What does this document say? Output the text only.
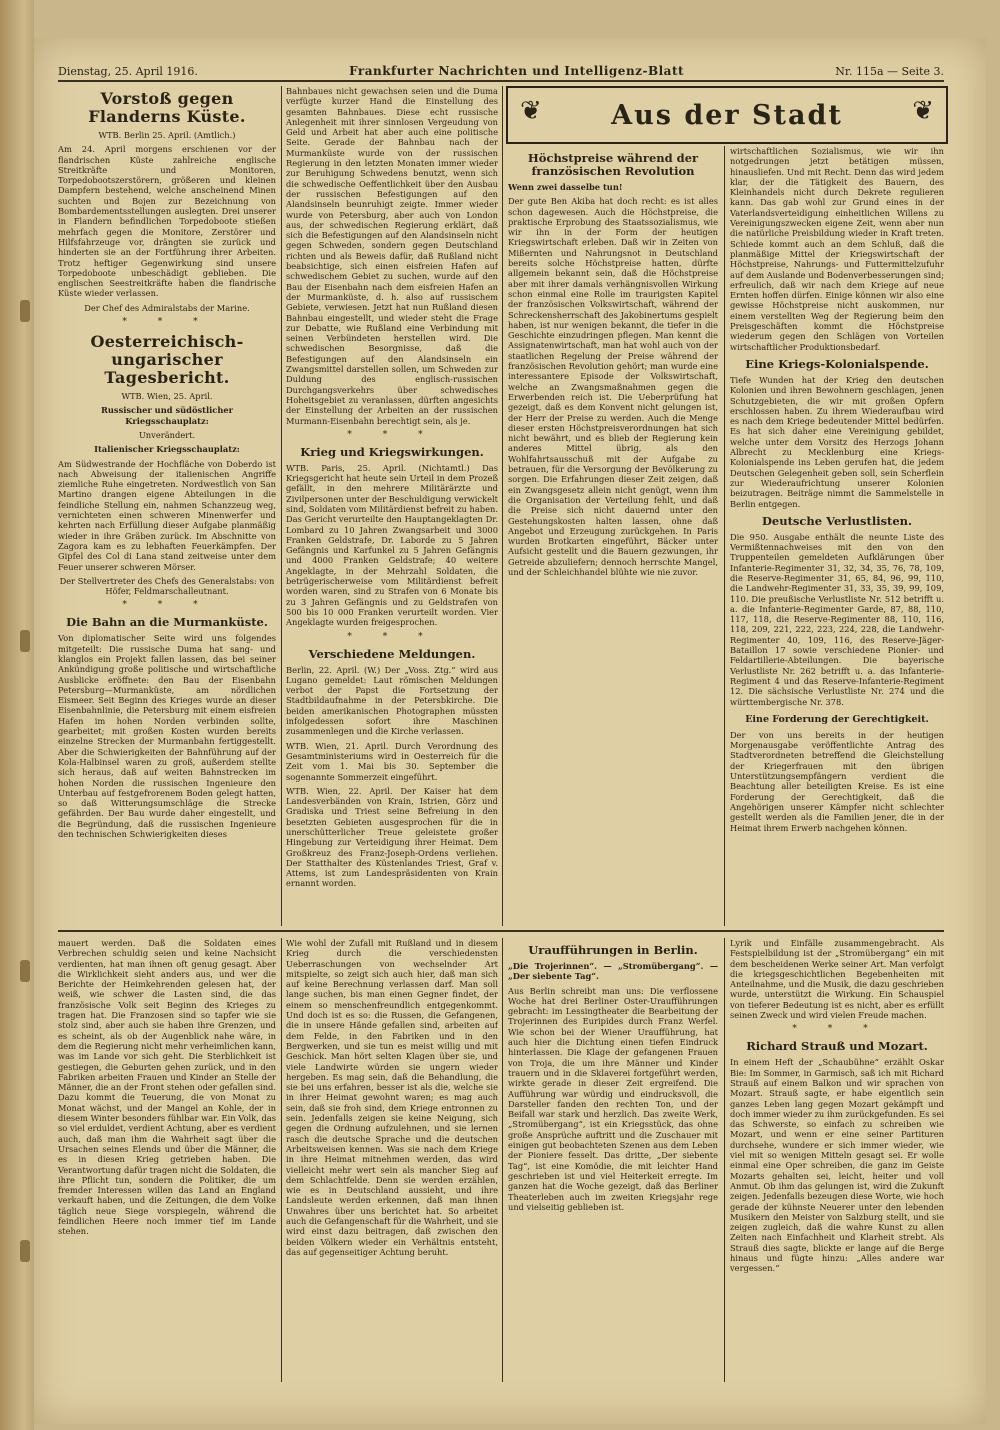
Dienstag, 25. April 1916.	Frankfurter Nachrichten und Intelligenz-Blatt	Nr. 115a — Seite 3.
Vorstoß gegen Flanderns Küste.

WTB. Berlin 25. April. (Amtlich.)

Am 24. April morgens erschienen vor der flandrischen Küste zahlreiche englische Streitkräfte und Monitoren, Torpedobootszerstörern, größeren und kleinen Dampfern bestehend, welche anscheinend Minen suchten und Bojen zur Bezeichnung von Bombardementsstellungen auslegten. Drei unserer in Flandern befindlichen Torpedoboote stießen mehrfach gegen die Monitore, Zerstörer und Hilfsfahrzeuge vor, drängten sie zurück und hinderten sie an der Fortführung ihrer Arbeiten. Trotz heftiger Gegenwirkung sind unsere Torpedoboote unbeschädigt geblieben. Die englischen Seestreitkräfte haben die flandrische Küste wieder verlassen.

Der Chef des Admiralstabs der Marine.

* * *
Oesterreichisch-ungarischer Tagesbericht.

WTB. Wien, 25. April.

Russischer und südöstlicher Kriegsschauplatz:

Unverändert.

Italienischer Kriegsschauplatz:

Am Südwestrande der Hochfläche von Doberdo ist nach Abweisung der italienischen Angriffe ziemliche Ruhe eingetreten. Nordwestlich von San Martino drangen eigene Abteilungen in die feindliche Stellung ein, nahmen Schanzzeug weg, vernichteten einen schweren Minenwerfer und kehrten nach Erfüllung dieser Aufgabe planmäßig wieder in ihre Gräben zurück. Im Abschnitte von Zagora kam es zu lebhaften Feuerkämpfen. Der Gipfel des Col di Lana stand zeitweise unter dem Feuer unserer schweren Mörser.

Der Stellvertreter des Chefs des Generalstabs: von Höfer, Feldmarschalleutnant.

* * *
Die Bahn an die Murmanküste.

Von diplomatischer Seite wird uns folgendes mitgeteilt: Die russische Duma hat sang- und klanglos ein Projekt fallen lassen, das bei seiner Ankündigung große politische und wirtschaftliche Ausblicke eröffnete: den Bau der Eisenbahn Petersburg—Murmanküste, am nördlichen Eismeer. Seit Beginn des Krieges wurde an dieser Eisenbahnlinie, die Petersburg mit einem eisfreien Hafen im hohen Norden verbinden sollte, gearbeitet; mit großen Kosten wurden bereits einzelne Strecken der Murmanbahn fertiggestellt. Aber die Schwierigkeiten der Bahnführung auf der Kola-Halbinsel waren zu groß, außerdem stellte sich heraus, daß auf weiten Bahnstrecken im hohen Norden die russischen Ingenieure den Unterbau auf festgefrorenem Boden gelegt hatten, so daß Witterungsumschläge die Strecke gefährden. Der Bau wurde daher eingestellt, und die Begründung, daß die russischen Ingenieure den technischen Schwierigkeiten dieses

Bahnbaues nicht gewachsen seien und die Duma verfügte kurzer Hand die Einstellung des gesamten Bahnbaues. Diese echt russische Anlegenheit mit ihrer sinnlosen Vergeudung von Geld und Arbeit hat aber auch eine politische Seite. Gerade der Bahnbau nach der Murmanküste wurde von der russischen Regierung in den letzten Monaten immer wieder zur Beruhigung Schwedens benutzt, wenn sich die schwedische Oeffentlichkeit über den Ausbau der russischen Befestigungen auf den Alandsinseln beunruhigt zeigte. Immer wieder wurde von Petersburg, aber auch von London aus, der schwedischen Regierung erklärt, daß sich die Befestigungen auf den Alandsinseln nicht gegen Schweden, sondern gegen Deutschland richten und als Beweis dafür, daß Rußland nicht beabsichtige, sich einen eisfreien Hafen auf schwedischem Gebiet zu suchen, wurde auf den Bau der Eisenbahn nach dem eisfreien Hafen an der Murmanküste, d. h. also auf russischem Gebiete, verwiesen. Jetzt hat nun Rußland diesen Bahnbau eingestellt, und wieder steht die Frage zur Debatte, wie Rußland eine Verbindung mit seinen Verbündeten herstellen wird. Die schwedischen Besorgnisse, daß die Befestigungen auf den Alandsinseln ein Zwangsmittel darstellen sollen, um Schweden zur Duldung des englisch-russischen Durchgangsverkehrs über schwedisches Hoheitsgebiet zu veranlassen, dürften angesichts der Einstellung der Arbeiten an der russischen Murmann-Eisenbahn berechtigt sein, als je.

* * *
Krieg und Kriegswirkungen.

WTB. Paris, 25. April. (Nichtamtl.) Das Kriegsgericht hat heute sein Urteil in dem Prozeß gefällt, in den mehrere Militärärzte und Zivilpersonen unter der Beschuldigung verwickelt sind, Soldaten vom Militärdienst befreit zu haben. Das Gericht verurteilte den Hauptangeklagten Dr. Lombard zu 10 Jahren Zwangsarbeit und 3000 Franken Geldstrafe, Dr. Laborde zu 5 Jahren Gefängnis und Karfunkel zu 5 Jahren Gefängnis und 4000 Franken Geldstrafe; 40 weitere Angeklagte, in der Mehrzahl Soldaten, die betrügerischerweise vom Militärdienst befreit worden waren, sind zu Strafen von 6 Monate bis zu 3 Jahren Gefängnis und zu Geldstrafen von 500 bis 10 000 Franken verurteilt worden. Vier Angeklagte wurden freigesprochen.

* * *
Verschiedene Meldungen.

Berlin, 22. April. (W.) Der „Voss. Ztg.“ wird aus Lugano gemeldet: Laut römischen Meldungen verbot der Papst die Fortsetzung der Stadtbildaufnahme in der Petersbkirche. Die beiden amerikanischen Photographen müssten infolgedessen sofort ihre Maschinen zusammenlegen und die Kirche verlassen.

WTB. Wien, 21. April. Durch Verordnung des Gesamtministeriums wird in Oesterreich für die Zeit vom 1. Mai bis 30. September die sogenannte Sommerzeit eingeführt.

WTB. Wien, 22. April. Der Kaiser hat dem Landesverbänden von Krain, Istrien, Görz und Gradiska und Triest seine Befreiung in den besetzten Gebieten ausgesprochen für die in unerschütterlicher Treue geleistete großer Hingebung zur Verteidigung ihrer Heimat. Dem Großkreuz des Franz-Joseph-Ordens verliehen. Der Statthalter des Küstenlandes Triest, Graf v. Attems, ist zum Landespräsidenten von Krain ernannt worden.

❦	Aus der Stadt	❦
Höchstpreise während der französischen Revolution

Wenn zwei dasselbe tun!

Der gute Ben Akiba hat doch recht: es ist alles schon dagewesen. Auch die Höchstpreise, die praktische Erprobung des Staatssozialismus, wie wir ihn in der Form der heutigen Kriegswirtschaft erleben. Daß wir in Zeiten von Mißernten und Nahrungsnot in Deutschland bereits solche Höchstpreise hatten, dürfte allgemein bekannt sein, daß die Höchstpreise aber mit ihrer damals verhängnisvollen Wirkung schon einmal eine Rolle im traurigsten Kapitel der französischen Volkswirtschaft, während der Schreckensherrschaft des Jakobinertums gespielt haben, ist nur wenigen bekannt, die tiefer in die Geschichte einzudringen pflegen. Man kennt die Assignatenwirtschaft, man hat wohl auch von der staatlichen Regelung der Preise während der französischen Revolution gehört; man wurde eine interessantere Episode der Volkswirtschaft, welche an Zwangsmaßnahmen gegen die Erwerbenden reich ist. Die Ueberprüfung hat gezeigt, daß es dem Konvent nicht gelungen ist, der Herr der Preise zu werden. Auch die Menge dieser ersten Höchstpreisverordnungen hat sich nicht bewährt, und es blieb der Regierung kein anderes Mittel übrig, als den Wohlfahrtsausschuß mit der Aufgabe zu betrauen, für die Versorgung der Bevölkerung zu sorgen. Die Erfahrungen dieser Zeit zeigen, daß ein Zwangsgesetz allein nicht genügt, wenn ihm die Organisation der Verteilung fehlt, und daß die Preise sich nicht dauernd unter den Gestehungskosten halten lassen, ohne daß Angebot und Erzeugung zurückgehen. In Paris wurden Brotkarten eingeführt, Bäcker unter Aufsicht gestellt und die Bauern gezwungen, ihr Getreide abzuliefern; dennoch herrschte Mangel, und der Schleichhandel blühte wie nie zuvor.

wirtschaftlichen Sozialismus, wie wir ihn notgedrungen jetzt betätigen müssen, hinausliefen. Und mit Recht. Denn das wird jedem klar, der die Tätigkeit des Bauern, des Kleinhandels nicht durch Dekrete regulieren kann. Das gab wohl zur Grund eines in der Vaterlandsverteidigung einheitlichen Willens zu Vereinigungszwecken eigene Zeit, wenn aber nun die natürliche Preisbildung wieder in Kraft treten. Schiede kommt auch an dem Schluß, daß die planmäßige Mittel der Kriegswirtschaft der Höchstpreise, Nahrungs- und Futtermittelzufuhr auf dem Auslande und Bodenverbesserungen sind; erfreulich, daß wir nach dem Kriege auf neue Ernten hoffen dürfen. Einige können wir also eine gewisse Höchstpreise nicht auskommen, nur einem verstellten Weg der Regierung beim den Preisgeschäften kommt die Höchstpreise wiederum gegen den Schlägen von Vorteilen wirtschaftlicher Produktionsbedarf.

Eine Kriegs-Kolonialspende.

Tiefe Wunden hat der Krieg den deutschen Kolonien und ihren Bewohnern geschlagen, jenen Schutzgebieten, die wir mit großen Opfern erschlossen haben. Zu ihrem Wiederaufbau wird es nach dem Kriege bedeutender Mittel bedürfen. Es hat sich daher eine Vereinigung gebildet, welche unter dem Vorsitz des Herzogs Johann Albrecht zu Mecklenburg eine Kriegs-Kolonialspende ins Leben gerufen hat, die jedem Deutschen Gelegenheit geben soll, sein Scherflein zur Wiederaufrichtung unserer Kolonien beizutragen. Beiträge nimmt die Sammelstelle in Berlin entgegen.

Deutsche Verlustlisten.

Die 950. Ausgabe enthält die neunte Liste des Vermißtennachweises mit den von den Truppenteilen gemeldeten Aufklärungen über Infanterie-Regimenter 31, 32, 34, 35, 76, 78, 109, die Reserve-Regimenter 31, 65, 84, 96, 99, 110, die Landwehr-Regimenter 31, 33, 35, 39, 99, 109, 110. Die preußische Verlustliste Nr. 512 betrifft u. a. die Infanterie-Regimenter Garde, 87, 88, 110, 117, 118, die Reserve-Regimenter 88, 110, 116, 118, 209, 221, 222, 223, 224, 228, die Landwehr-Regimenter 40, 109, 116, des Reserve-Jäger-Bataillon 17 sowie verschiedene Pionier- und Feldartillerie-Abteilungen. Die bayerische Verlustliste Nr. 262 betrifft u. a. das Infanterie-Regiment 4 und das Reserve-Infanterie-Regiment 12. Die sächsische Verlustliste Nr. 274 und die württembergische Nr. 378.

Eine Forderung der Gerechtigkeit.

Der von uns bereits in der heutigen Morgenausgabe veröffentlichte Antrag des Stadtverordneten betreffend die Gleichstellung der Kriegerfrauen mit den übrigen Unterstützungsempfängern verdient die Beachtung aller beteiligten Kreise. Es ist eine Forderung der Gerechtigkeit, daß die Angehörigen unserer Kämpfer nicht schlechter gestellt werden als die Familien jener, die in der Heimat ihrem Erwerb nachgehen können.

mauert werden. Daß die Soldaten eines Verbrechen schuldig seien und keine Nachsicht verdienten, hat man ihnen oft genug gesagt. Aber die Wirklichkeit sieht anders aus, und wer die Berichte der Heimkehrenden gelesen hat, der weiß, wie schwer die Lasten sind, die das französische Volk seit Beginn des Krieges zu tragen hat. Die Franzosen sind so tapfer wie sie stolz sind, aber auch sie haben ihre Grenzen, und es scheint, als ob der Augenblick nahe wäre, in dem die Regierung nicht mehr verheimlichen kann, was im Lande vor sich geht. Die Sterblichkeit ist gestiegen, die Geburten gehen zurück, und in den Fabriken arbeiten Frauen und Kinder an Stelle der Männer, die an der Front stehen oder gefallen sind. Dazu kommt die Teuerung, die von Monat zu Monat wächst, und der Mangel an Kohle, der in diesem Winter besonders fühlbar war. Ein Volk, das so viel erduldet, verdient Achtung, aber es verdient auch, daß man ihm die Wahrheit sagt über die Ursachen seines Elends und über die Männer, die es in diesen Krieg getrieben haben. Die Verantwortung dafür tragen nicht die Soldaten, die ihre Pflicht tun, sondern die Politiker, die um fremder Interessen willen das Land an England verkauft haben, und die Zeitungen, die dem Volke täglich neue Siege vorspiegeln, während die feindlichen Heere noch immer tief im Lande stehen.

Wie wohl der Zufall mit Rußland und in diesem Krieg durch die verschiedensten Ueberraschungen von wechselnder Art mitspielte, so zeigt sich auch hier, daß man sich auf keine Berechnung verlassen darf. Man soll lange suchen, bis man einen Gegner findet, der einem so menschenfreundlich entgegenkommt. Und doch ist es so: die Russen, die Gefangenen, die in unsere Hände gefallen sind, arbeiten auf dem Felde, in den Fabriken und in den Bergwerken, und sie tun es meist willig und mit Geschick. Man hört selten Klagen über sie, und viele Landwirte würden sie ungern wieder hergeben. Es mag sein, daß die Behandlung, die sie bei uns erfahren, besser ist als die, welche sie in ihrer Heimat gewohnt waren; es mag auch sein, daß sie froh sind, dem Kriege entronnen zu sein. Jedenfalls zeigen sie keine Neigung, sich gegen die Ordnung aufzulehnen, und sie lernen rasch die deutsche Sprache und die deutschen Arbeitsweisen kennen. Was sie nach dem Kriege in ihre Heimat mitnehmen werden, das wird vielleicht mehr wert sein als mancher Sieg auf dem Schlachtfelde. Denn sie werden erzählen, wie es in Deutschland aussieht, und ihre Landsleute werden erkennen, daß man ihnen Unwahres über uns berichtet hat. So arbeitet auch die Gefangenschaft für die Wahrheit, und sie wird einst dazu beitragen, daß zwischen den beiden Völkern wieder ein Verhältnis entsteht, das auf gegenseitiger Achtung beruht.

Uraufführungen in Berlin.

„Die Trojerinnen“. — „Stromübergang“. — „Der siebente Tag“.

Aus Berlin schreibt man uns: Die verflossene Woche hat drei Berliner Oster-Uraufführungen gebracht: im Lessingtheater die Bearbeitung der Trojerinnen des Euripides durch Franz Werfel. Wie schon bei der Wiener Uraufführung, hat auch hier die Dichtung einen tiefen Eindruck hinterlassen. Die Klage der gefangenen Frauen von Troja, die um ihre Männer und Kinder trauern und in die Sklaverei fortgeführt werden, wirkte gerade in dieser Zeit ergreifend. Die Aufführung war würdig und eindrucksvoll, die Darsteller fanden den rechten Ton, und der Beifall war stark und herzlich. Das zweite Werk, „Stromübergang“, ist ein Kriegsstück, das ohne große Ansprüche auftritt und die Zuschauer mit einigen gut beobachteten Szenen aus dem Leben der Pioniere fesselt. Das dritte, „Der siebente Tag“, ist eine Komödie, die mit leichter Hand geschrieben ist und viel Heiterkeit erregte. Im ganzen hat die Woche gezeigt, daß das Berliner Theaterleben auch im zweiten Kriegsjahr rege und vielseitig geblieben ist.

Lyrik und Einfälle zusammengebracht. Als Festspielbildung ist der „Stromübergang“ ein mit dem bescheidenen Werke seiner Art. Man verfolgt die kriegsgeschichtlichen Begebenheiten mit Anteilnahme, und die Musik, die dazu geschrieben wurde, unterstützt die Wirkung. Ein Schauspiel von tieferer Bedeutung ist es nicht, aber es erfüllt seinen Zweck und wird vielen Freude machen.

* * *
Richard Strauß und Mozart.

In einem Heft der „Schaubühne“ erzählt Oskar Bie: Im Sommer, in Garmisch, saß ich mit Richard Strauß auf einem Balkon und wir sprachen von Mozart. Strauß sagte, er habe eigentlich sein ganzes Leben lang gegen Mozart gekämpft und doch immer wieder zu ihm zurückgefunden. Es sei das Schwerste, so einfach zu schreiben wie Mozart, und wenn er eine seiner Partituren durchsehe, wundere er sich immer wieder, wie viel mit so wenigen Mitteln gesagt sei. Er wolle einmal eine Oper schreiben, die ganz im Geiste Mozarts gehalten sei, leicht, heiter und voll Anmut. Ob ihm das gelungen ist, wird die Zukunft zeigen. Jedenfalls bezeugen diese Worte, wie hoch gerade der kühnste Neuerer unter den lebenden Musikern den Meister von Salzburg stellt, und sie zeigen zugleich, daß die wahre Kunst zu allen Zeiten nach Einfachheit und Klarheit strebt. Als Strauß dies sagte, blickte er lange auf die Berge hinaus und fügte hinzu: „Alles andere war vergessen.“
